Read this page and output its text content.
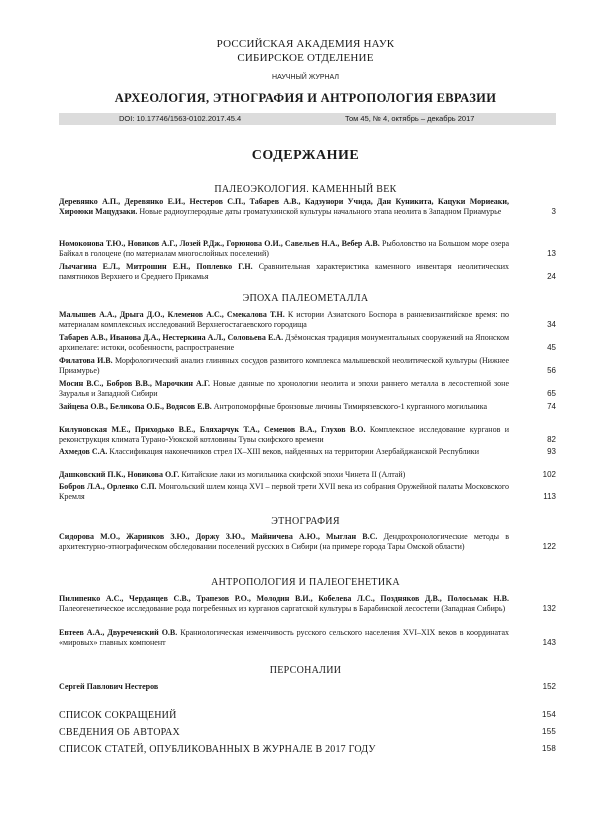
РОССИЙСКАЯ АКАДЕМИЯ НАУК
СИБИРСКОЕ ОТДЕЛЕНИЕ
НАУЧНЫЙ ЖУРНАЛ
АРХЕОЛОГИЯ, ЭТНОГРАФИЯ И АНТРОПОЛОГИЯ ЕВРАЗИИ
DOI: 10.17746/1563-0102.2017.45.4	Том 45, № 4, октябрь – декабрь 2017
СОДЕРЖАНИЕ
ПАЛЕОЭКОЛОГИЯ. КАМЕННЫЙ ВЕК
Деревянко А.П., Деревянко Е.И., Нестеров С.П., Табарев А.В., Кадзуноpи Учида, Дан Куникита, Кацуки Мориеаки, Хироюки Мацудзаки. Новые радиоуглеродные даты громатухинской культуры начального этапа неолита в Западном Приамурье	3
Номоконова Т.Ю., Новиков А.Г., Лозей Р.Дж., Горюнова О.И., Савельев Н.А., Вебер А.В. Рыболовство на Большом море озера Байкал в голоцене (по материалам многослойных поселений)	13
Лычагина Е.Л., Митрошин Е.Н., Поплевко Г.Н. Сравнительная характеристика каменного инвентаря неолитических памятников Верхнего и Среднего Прикамья	24
ЭПОХА ПАЛЕОМЕТАЛЛА
Малышев А.А., Дрыга Д.О., Клеменов А.С., Смекалова Т.Н. К истории Азиатского Боспора в ранневизантийское время: по материалам комплексных исследований Верхнегостагаевского городища	34
Табарев А.В., Иванова Д.А., Нестеркина А.Л., Соловьева Е.А. Дзёмонская традиция монументальных сооружений на Японском архипелаге: истоки, особенности, распространение	45
Филатова И.В. Морфологический анализ глиняных сосудов развитого комплекса малышевской неолитической культуры (Нижнее Приамурье)	56
Мосин В.С., Бобров В.В., Марочкин А.Г. Новые данные по хронологии неолита и эпохи раннего металла в лесостепной зоне Зауралья и Западной Сибири	65
Зайцева О.В., Беликова О.Б., Водясов Е.В. Антропоморфные бронзовые личины Тимирязевского-1 курганного могильника	74
Килуновская М.Е., Приходько В.Е., Бляхарчук Т.А., Семенов В.А., Глухов В.О. Комплексное исследование курганов и реконструкция климата Турано-Уюкской котловины Тувы скифского времени	82
Ахмедов С.А. Классификация наконечников стрел IX–XIII веков, найденных на территории Азербайджанской Республики	93
Дашковский П.К., Новикова О.Г. Китайские лаки из могильника скифской эпохи Чинета II (Алтай)	102
Бобров Л.А., Орленко С.П. Монгольский шлем конца XVI – первой трети XVII века из собрания Оружейной палаты Московского Кремля	113
ЭТНОГРАФИЯ
Сидорова М.О., Жаринков З.Ю., Доржу З.Ю., Майничева А.Ю., Мыглан В.С. Дендрохронологические методы в архитектурно-этнографическом обследовании поселений русских в Сибири (на примере города Тары Омской области)	122
АНТРОПОЛОГИЯ И ПАЛЕОГЕНЕТИКА
Пилипенко А.С., Черданцев С.В., Трапезов Р.О., Молодин В.И., Кобелева Л.С., Поздняков Д.В., Полосьмак Н.В. Палеогенетическое исследование рода погребенных из курганов саргатской культуры в Барабинской лесостепи (Западная Сибирь)	132
Евтеев А.А., Двуреченский О.В. Краниологическая изменчивость русского сельского населения XVI–XIX веков в координатах «мировых» главных компонент	143
ПЕРСОНАЛИИ
Сергей Павлович Нестеров	152
СПИСОК СОКРАЩЕНИЙ	154
СВЕДЕНИЯ ОБ АВТОРАХ	155
СПИСОК СТАТЕЙ, ОПУБЛИКОВАННЫХ В ЖУРНАЛЕ В 2017 ГОДУ	158
